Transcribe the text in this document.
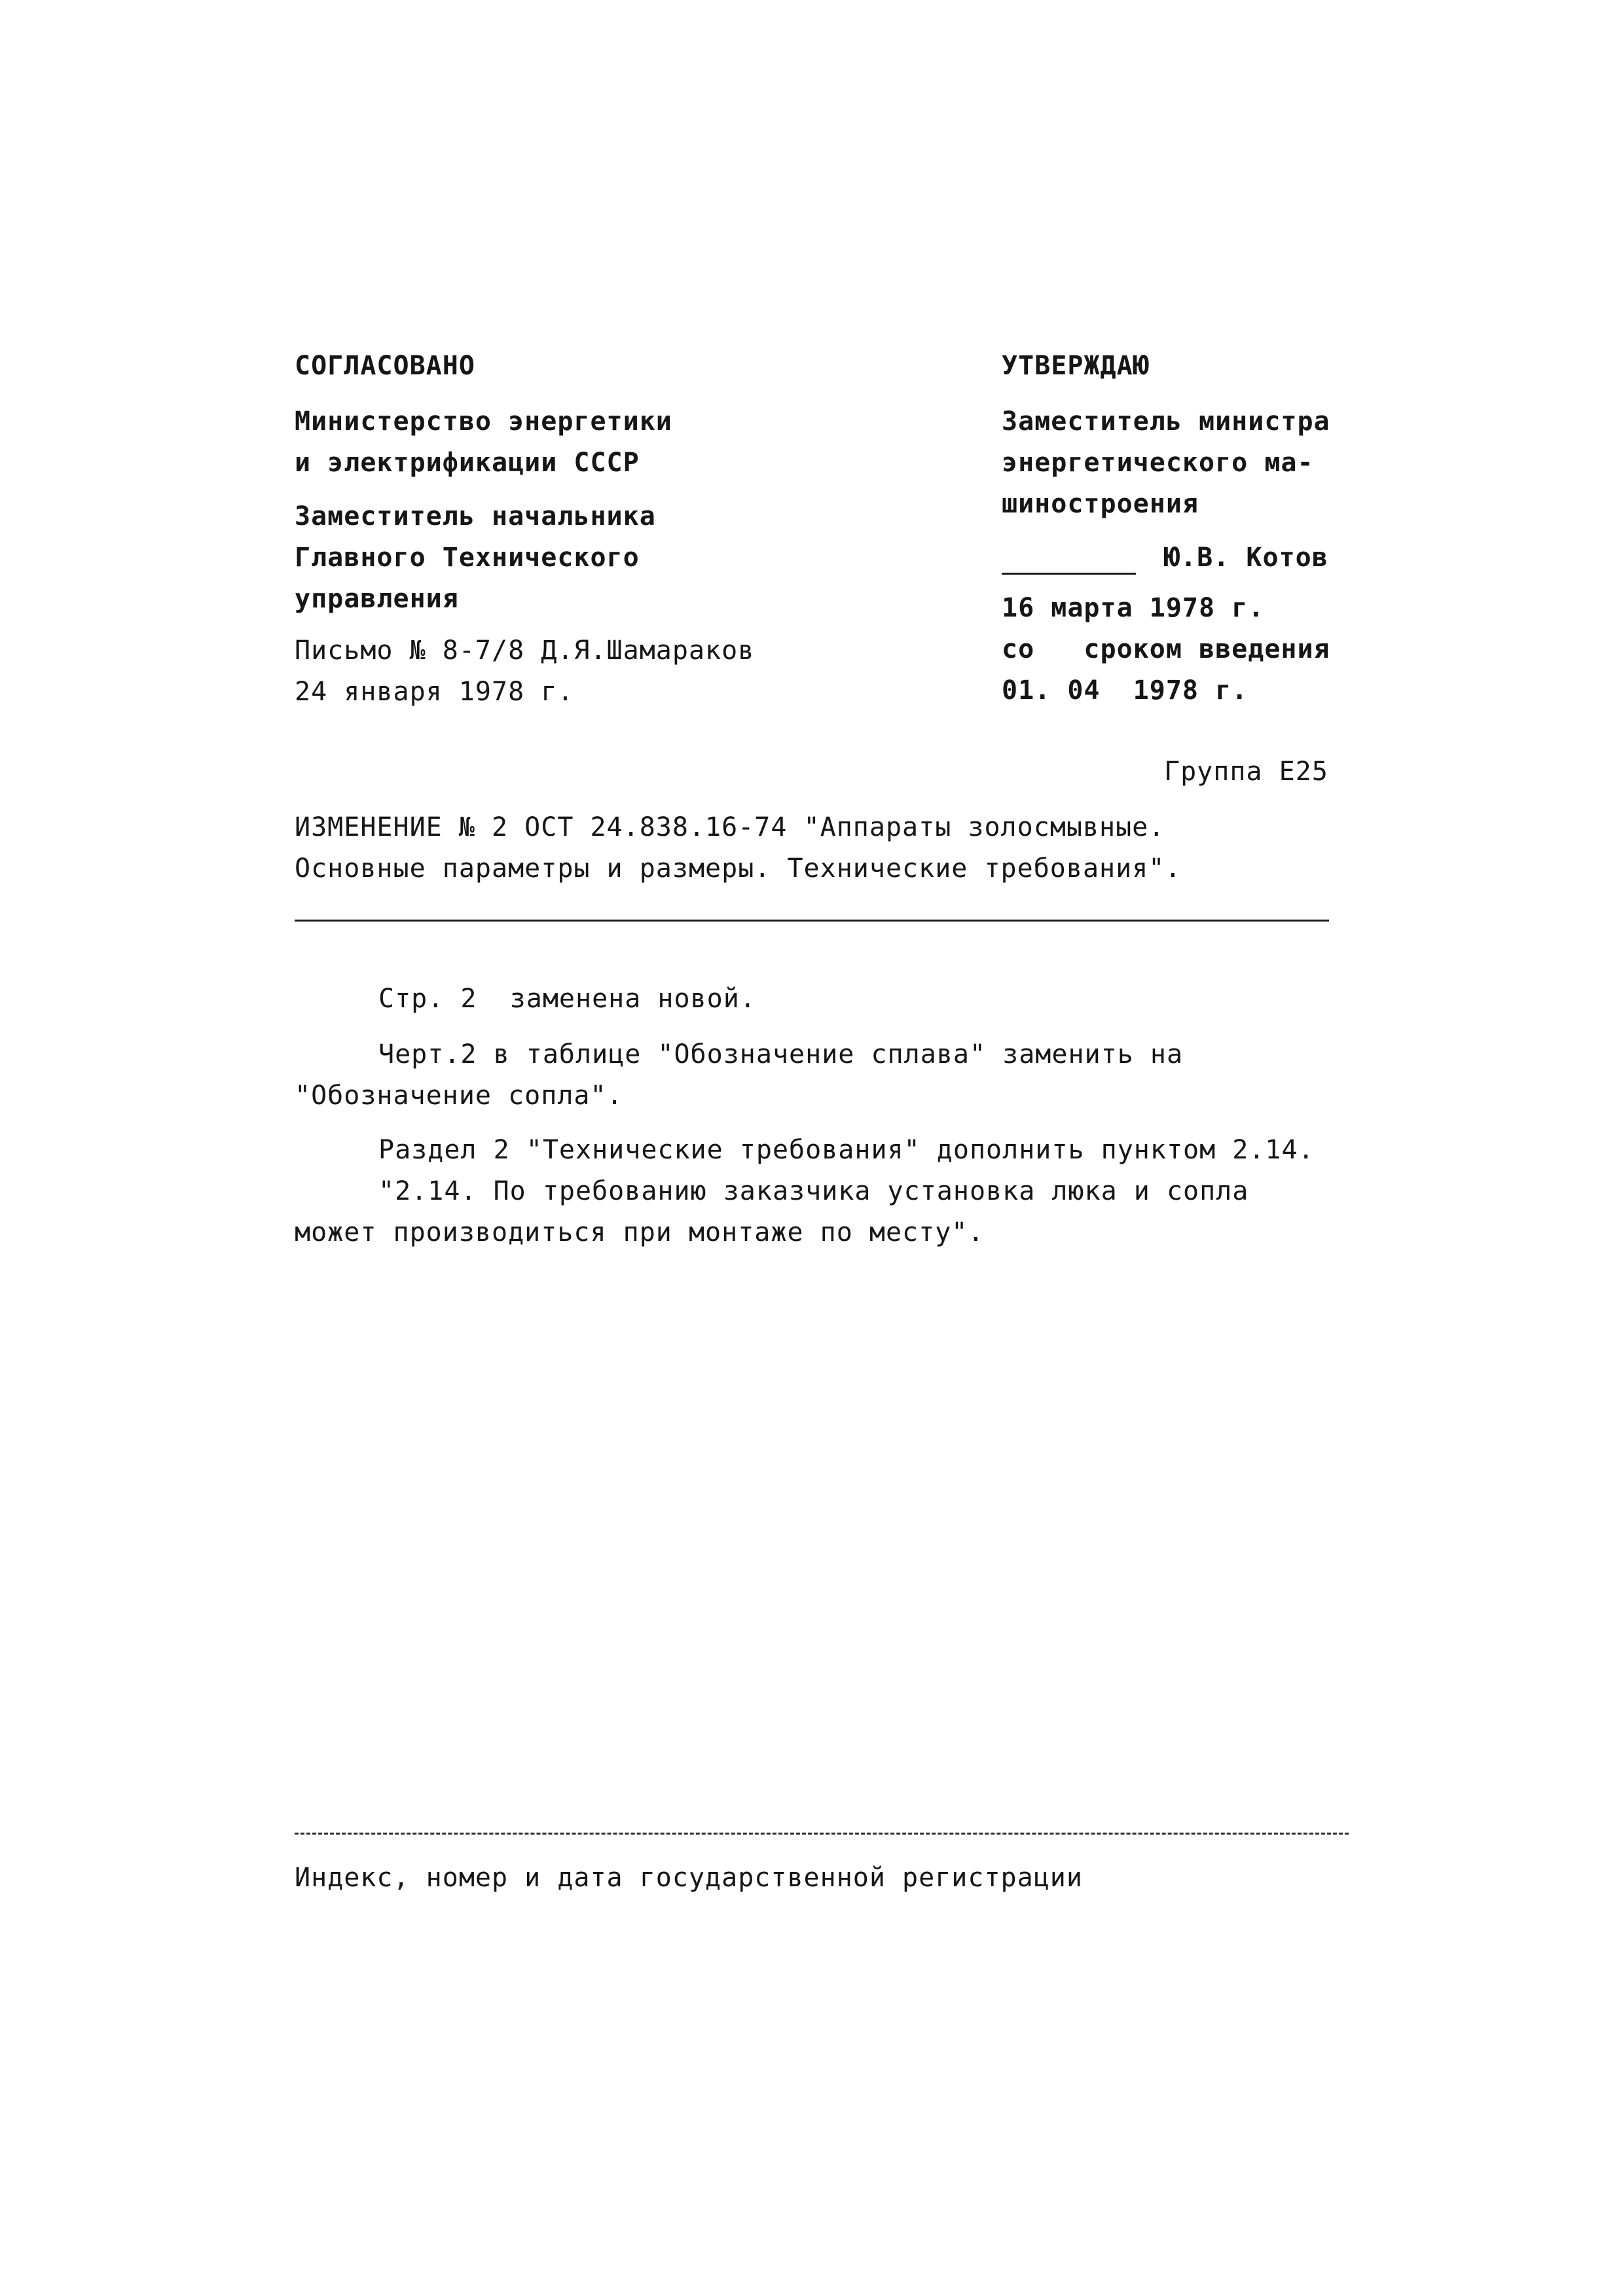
СОГЛАСОВАНО
Министерство энергетики
и электрификации СССР
Заместитель начальника
Главного Технического
управления
Письмо № 8-7/8 Д.Я.Шамараков
24 января 1978 г.
УТВЕРЖДАЮ
Заместитель министра
энергетического ма-
шиностроения
Ю.В. Котов
16 марта 1978 г.
со   сроком введения
01. 04  1978 г.
Группа Е25
ИЗМЕНЕНИЕ № 2 ОСТ 24.838.16-74 "Аппараты золосмывные.
Основные параметры и размеры. Технические требования".
Стр. 2  заменена новой.
Черт.2 в таблице "Обозначение сплава" заменить на
"Обозначение сопла".
Раздел 2 "Технические требования" дополнить пунктом 2.14.
"2.14. По требованию заказчика установка люка и сопла
может производиться при монтаже по месту".
Индекс, номер и дата государственной регистрации
